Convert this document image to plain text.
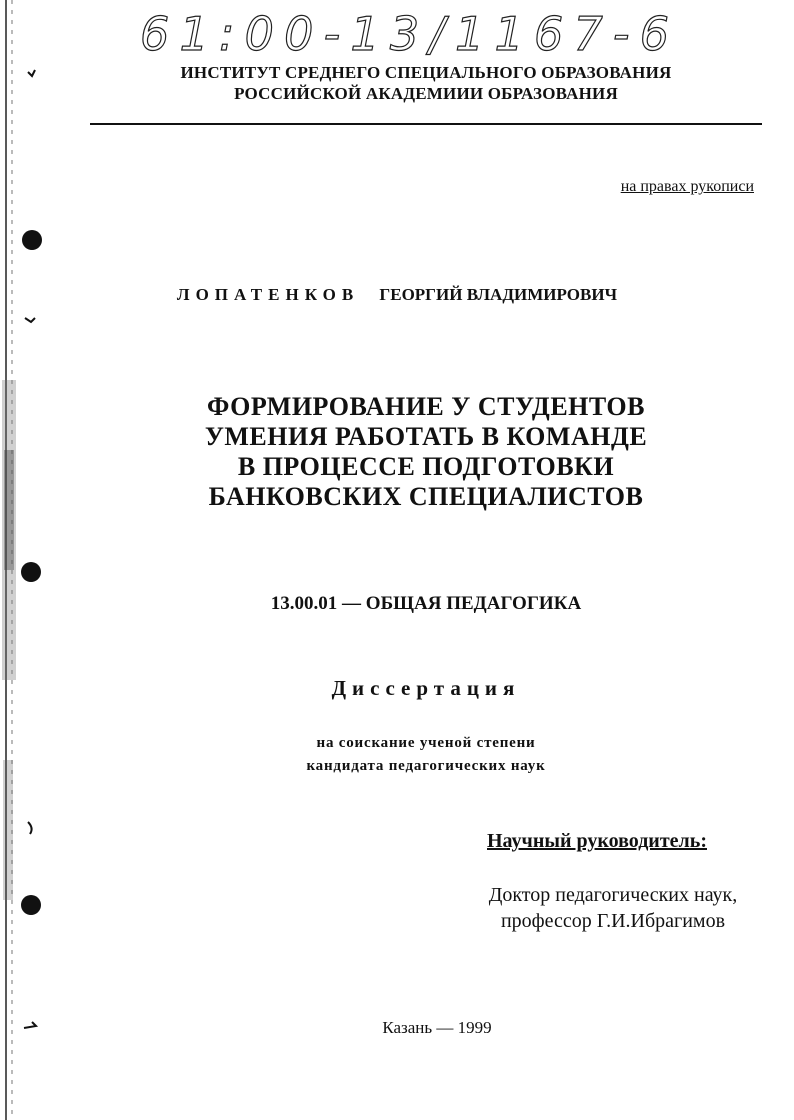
61:00-13/1167-6
ИНСТИТУТ СРЕДНЕГО СПЕЦИАЛЬНОГО ОБРАЗОВАНИЯ
РОССИЙСКОЙ АКАДЕМИИИ ОБРАЗОВАНИЯ
на правах рукописи
ЛОПАТЕНКОВ ГЕОРГИЙ ВЛАДИМИРОВИЧ
ФОРМИРОВАНИЕ У СТУДЕНТОВ
УМЕНИЯ РАБОТАТЬ В КОМАНДЕ
В ПРОЦЕССЕ ПОДГОТОВКИ
БАНКОВСКИХ СПЕЦИАЛИСТОВ
13.00.01 — ОБЩАЯ ПЕДАГОГИКА
Диссертация
на соискание ученой степени
кандидата педагогических наук
Научный руководитель:
Доктор педагогических наук,
профессор Г.И.Ибрагимов
Казань — 1999
